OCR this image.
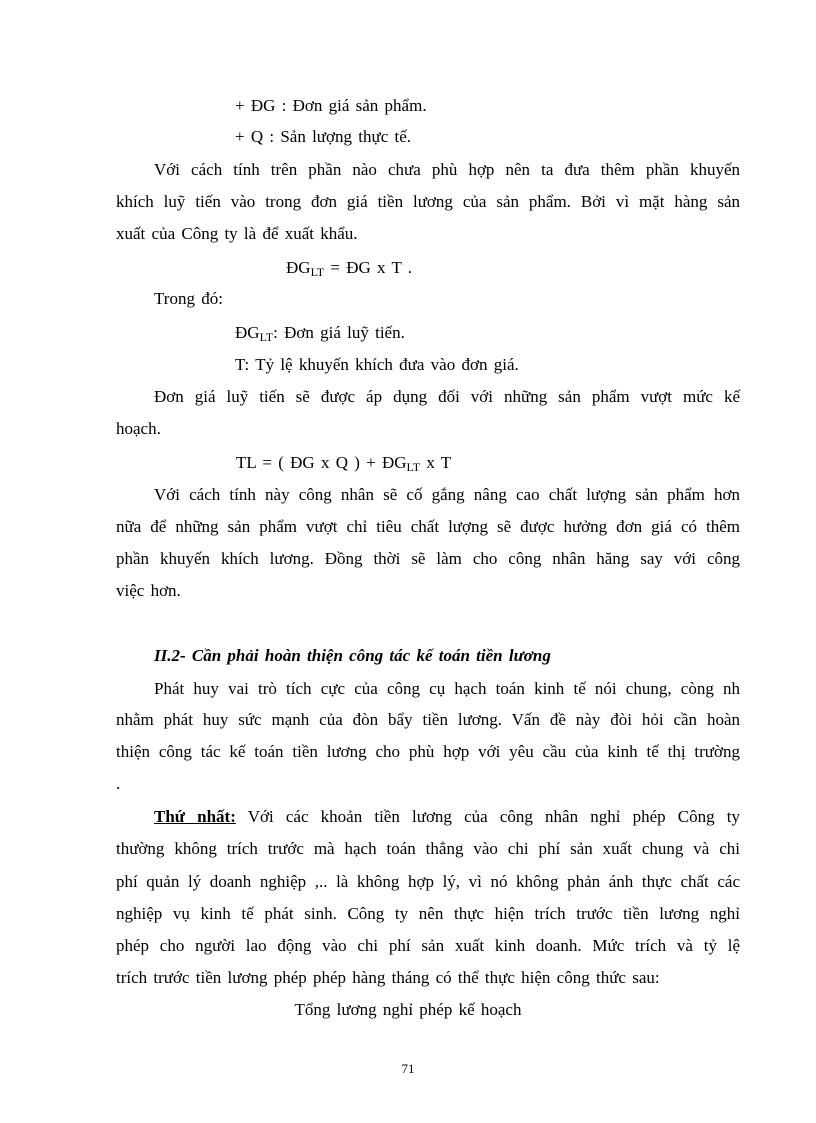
+ ĐG : Đơn giá sản phẩm.
+ Q : Sản lượng thực tế.
Với cách tính trên phần nào chưa phù hợp nên ta đưa thêm phần khuyến
khích luỹ tiến vào trong đơn giá tiền lương của sản phẩm. Bởi vì mặt hàng sản
xuất của Công ty là để xuất khẩu.
$ĐG_{LT}$ = ĐG x T .
Trong đó:
$ĐG_{LT}$: Đơn giá luỹ tiến.
T: Tỷ lệ khuyến khích đưa vào đơn giá.
Đơn giá luỹ tiến sẽ được áp dụng đối với những sản phẩm vượt mức kế
hoạch.
TL = ( ĐG x Q ) + $ĐG_{LT}$ x T
Với cách tính này công nhân sẽ cố gắng nâng cao chất lượng sản phẩm hơn
nữa để những sản phẩm vượt chỉ tiêu chất lượng sẽ được hưởng đơn giá có thêm
phần khuyến khích lương. Đồng thời sẽ làm cho công nhân hăng say với công
việc hơn.
II.2- Cần phải hoàn thiện công tác kế toán tiền lương
Phát huy vai trò tích cực của công cụ hạch toán kinh tế nói chung, còng nh
nhằm phát huy sức mạnh của đòn bẩy tiền lương. Vấn đề này đòi hỏi cần hoàn
thiện công tác kế toán tiền lương cho phù hợp với yêu cầu của kinh tế thị trường
.
Thứ nhất: Với các khoản tiền lương của công nhân nghỉ phép Công ty
thường không trích trước mà hạch toán thẳng vào chi phí sản xuất chung và chi
phí quản lý doanh nghiệp ,.. là không hợp lý, vì nó không phản ánh thực chất các
nghiệp vụ kinh tế phát sinh. Công ty nên thực hiện trích trước tiền lương nghỉ
phép cho người lao động vào chi phí sản xuất kinh doanh. Mức trích và tỷ lệ
trích trước tiền lương phép phép hàng tháng có thể thực hiện công thức sau:
Tổng lương nghỉ phép kế hoạch
71
